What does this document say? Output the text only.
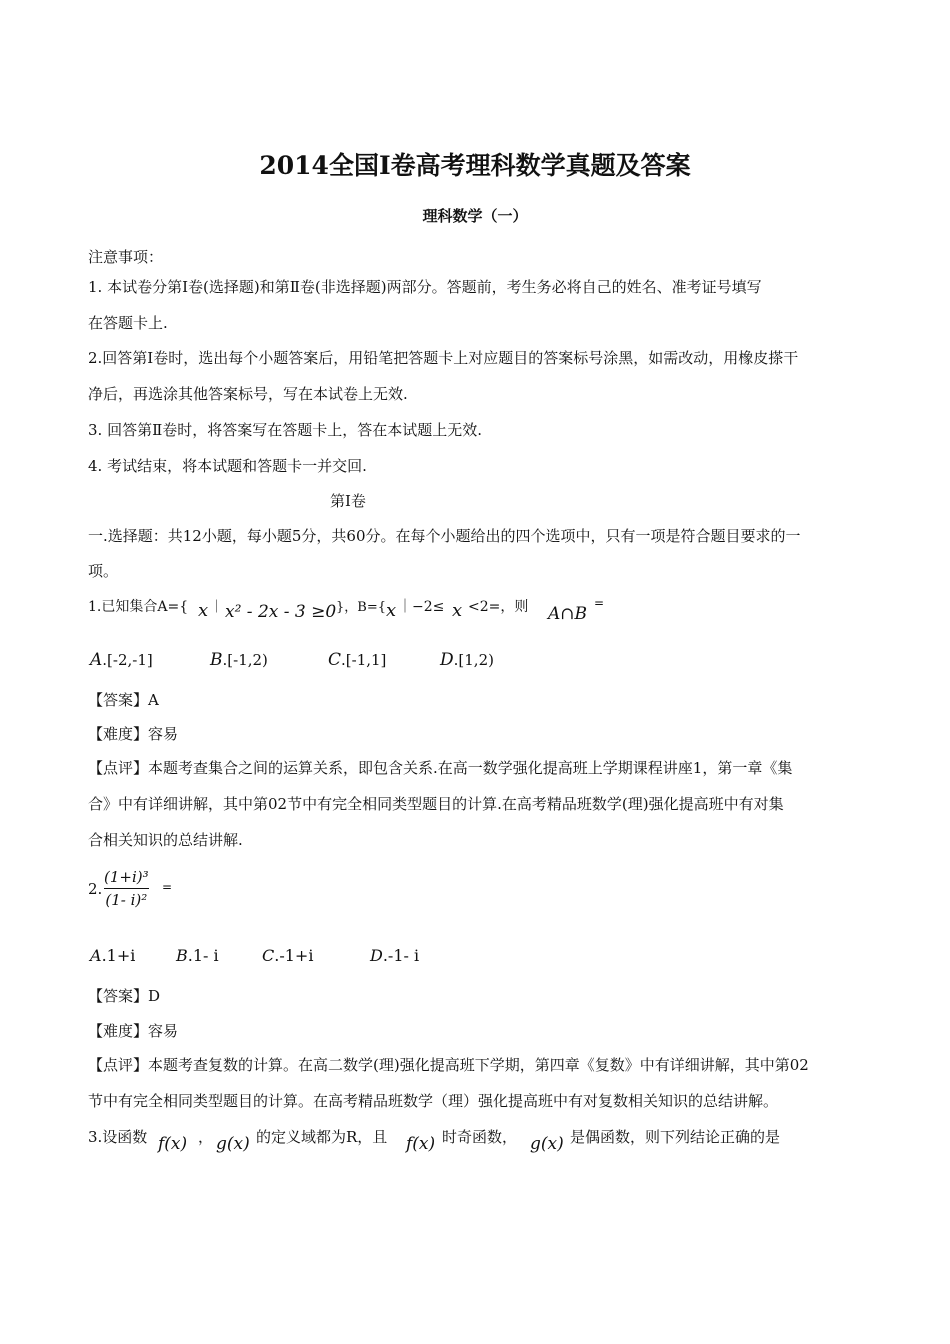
2014全国Ⅰ卷高考理科数学真题及答案
理科数学（一）
注意事项：
1. 本试卷分第Ⅰ卷(选择题)和第Ⅱ卷(非选择题)两部分。答题前，考生务必将自己的姓名、准考证号填写
在答题卡上.
2.回答第Ⅰ卷时，选出每个小题答案后，用铅笔把答题卡上对应题目的答案标号涂黑，如需改动，用橡皮搽干
净后，再选涂其他答案标号，写在本试卷上无效.
3. 回答第Ⅱ卷时，将答案写在答题卡上，答在本试题上无效.
4. 考试结束，将本试题和答题卡一并交回.
第Ⅰ卷
一.选择题：共12小题，每小题5分，共60分。在每个小题给出的四个选项中，只有一项是符合题目要求的一
项。
1.已知集合A={ x ｜ x² - 2x - 3 ≥0 }，B={ x ｜−2≤ x <2=，则 A∩B
=
A.[-2,-1]	B.[-1,2)	C.[-1,1]	D.[1,2)
【答案】A
【难度】容易
【点评】本题考查集合之间的运算关系，即包含关系.在高一数学强化提高班上学期课程讲座1，第一章《集
合》中有详细讲解，其中第02节中有完全相同类型题目的计算.在高考精品班数学(理)强化提高班中有对集
合相关知识的总结讲解.
2.
(1+i)³
(1- i)²
=
A.1+i	B.1- i	C.-1+i	D.-1- i
【答案】D
【难度】容易
【点评】本题考查复数的计算。在高二数学(理)强化提高班下学期，第四章《复数》中有详细讲解，其中第02
节中有完全相同类型题目的计算。在高考精品班数学（理）强化提高班中有对复数相关知识的总结讲解。
3.设函数 f(x) ， g(x) 的定义域都为R，且 f(x) 时奇函数， g(x) 是偶函数，则下列结论正确的是
